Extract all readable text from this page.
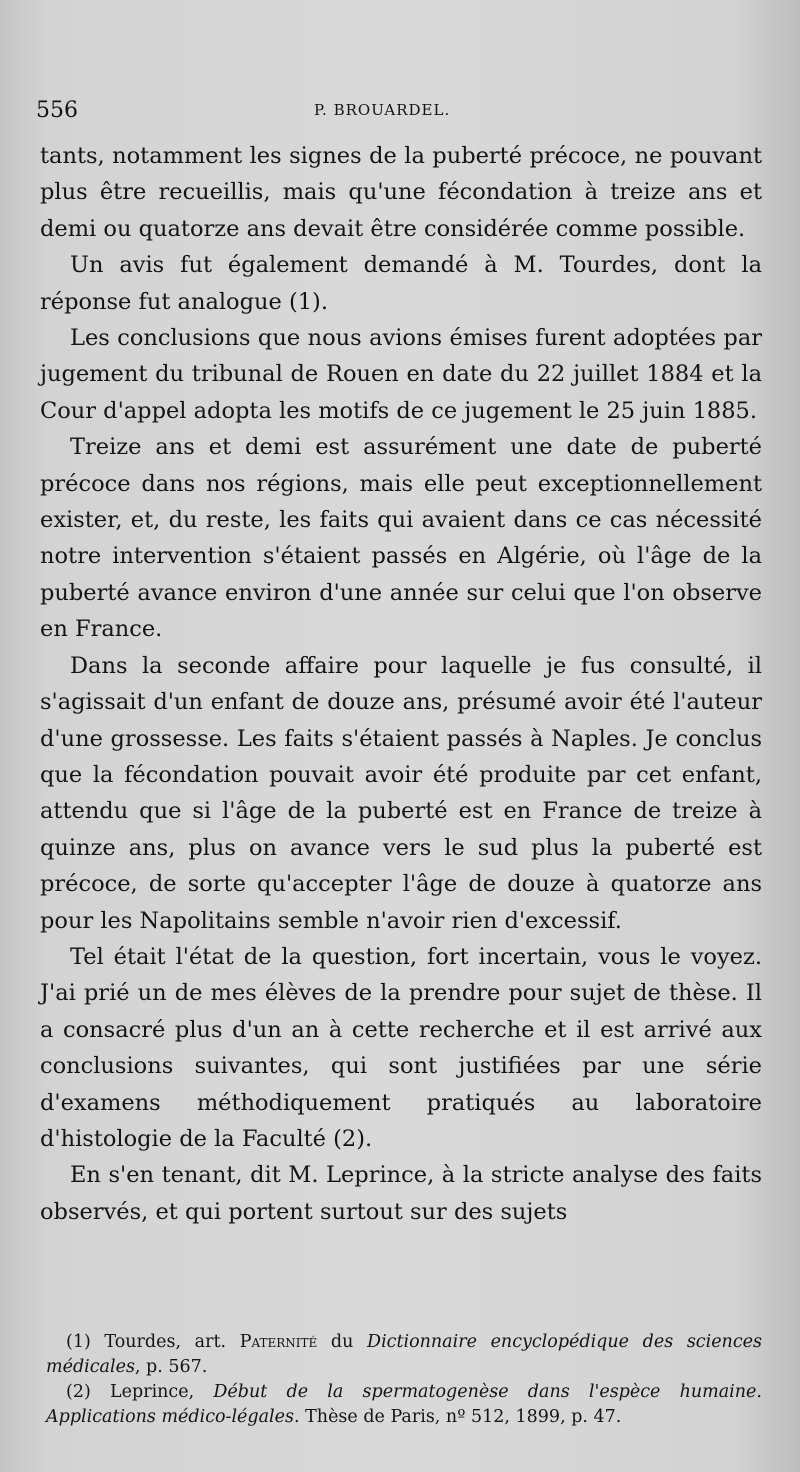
556	P. BROUARDEL.

tants, notamment les signes de la puberté précoce, ne pouvant plus être recueillis, mais qu'une fécondation à treize ans et demi ou quatorze ans devait être considérée comme possible.

Un avis fut également demandé à M. Tourdes, dont la réponse fut analogue (1).

Les conclusions que nous avions émises furent adoptées par jugement du tribunal de Rouen en date du 22 juillet 1884 et la Cour d'appel adopta les motifs de ce jugement le 25 juin 1885.

Treize ans et demi est assurément une date de puberté précoce dans nos régions, mais elle peut exceptionnellement exister, et, du reste, les faits qui avaient dans ce cas nécessité notre intervention s'étaient passés en Algérie, où l'âge de la puberté avance environ d'une année sur celui que l'on observe en France.

Dans la seconde affaire pour laquelle je fus consulté, il s'agissait d'un enfant de douze ans, présumé avoir été l'auteur d'une grossesse. Les faits s'étaient passés à Naples. Je conclus que la fécondation pouvait avoir été produite par cet enfant, attendu que si l'âge de la puberté est en France de treize à quinze ans, plus on avance vers le sud plus la puberté est précoce, de sorte qu'accepter l'âge de douze à quatorze ans pour les Napolitains semble n'avoir rien d'excessif.

Tel était l'état de la question, fort incertain, vous le voyez. J'ai prié un de mes élèves de la prendre pour sujet de thèse. Il a consacré plus d'un an à cette recherche et il est arrivé aux conclusions suivantes, qui sont justifiées par une série d'examens méthodiquement pratiqués au laboratoire d'histologie de la Faculté (2).

En s'en tenant, dit M. Leprince, à la stricte analyse des faits observés, et qui portent surtout sur des sujets

(1) Tourdes, art. Paternité du Dictionnaire encyclopédique des sciences médicales, p. 567.

(2) Leprince, Début de la spermatogenèse dans l'espèce humaine. Applications médico-légales. Thèse de Paris, nº 512, 1899, p. 47.
